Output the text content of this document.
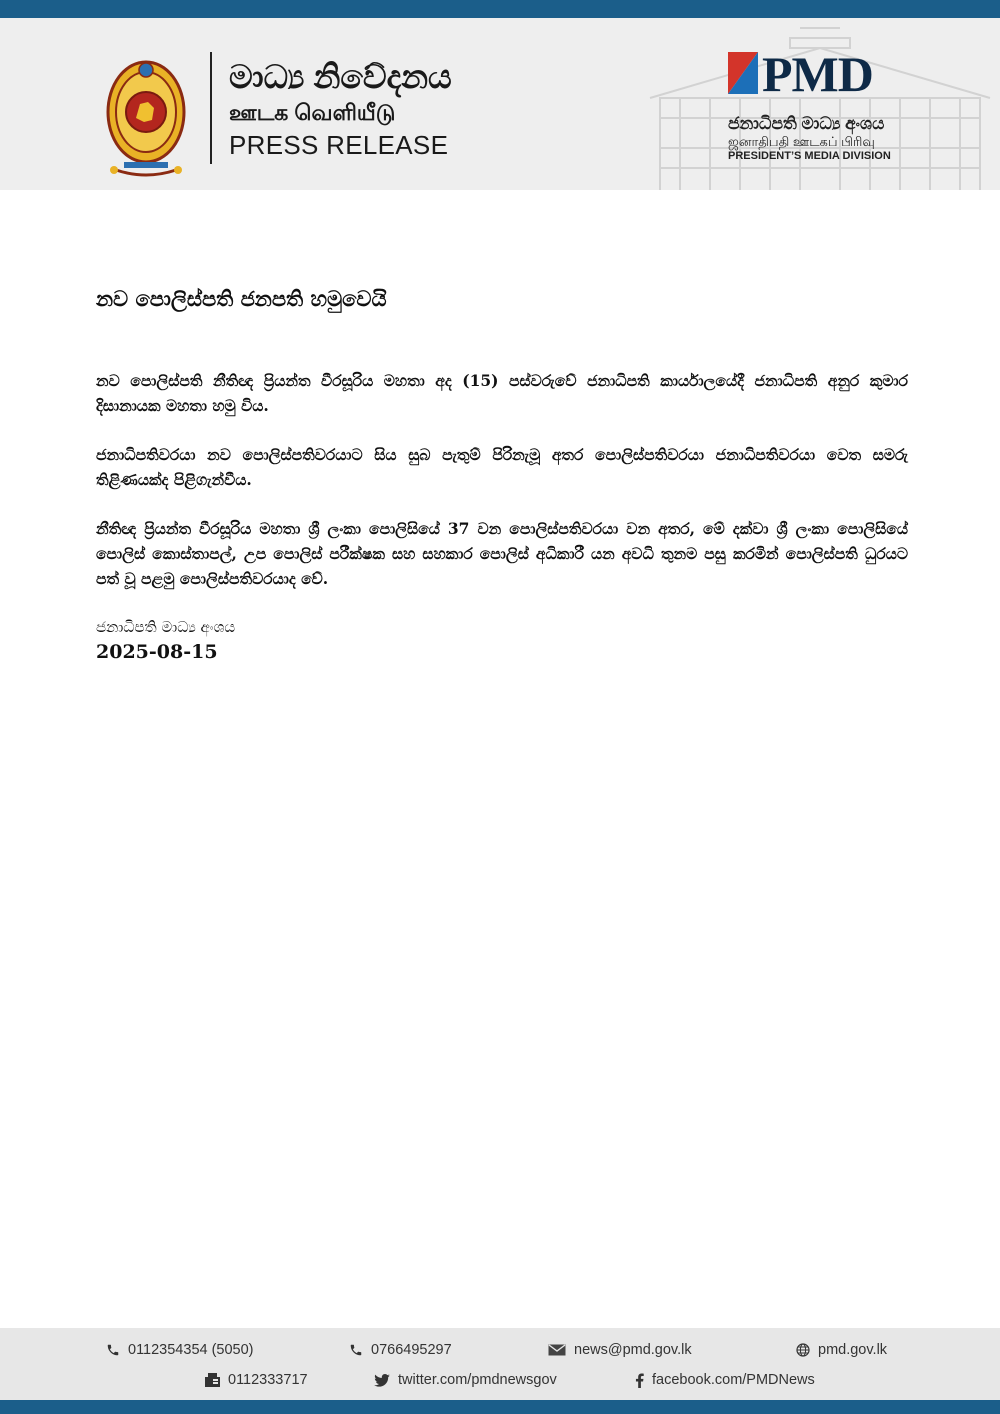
මාධ්‍ය නිවේදනය
ஊடக வெளியீடு
PRESS RELEASE
PMD
ජනාධිපති මාධ්‍ය අංශය
ஜனாதிபதி ஊடகப் பிரிவு
PRESIDENT’S MEDIA DIVISION
නව පොලිස්පති ජනපති හමුවෙයි

නව පොලිස්පති නීතිඥ ප්‍රියන්ත වීරසූරිය මහතා අද (15) පස්වරුවේ ජනාධිපති කාර්යාලයේදී ජනාධිපති අනුර කුමාර දිසානායක මහතා හමු විය.

ජනාධිපතිවරයා නව පොලිස්පතිවරයාට සිය සුබ පැතුම් පිරිනැමූ අතර පොලිස්පතිවරයා ජනාධිපතිවරයා වෙත සමරු තිළිණයක්ද පිළිගැන්වීය.

නීතිඥ ප්‍රියන්ත වීරසූරිය මහතා ශ්‍රී ලංකා පොලිසියේ 37 වන පොලිස්පතිවරයා වන අතර, මේ දක්වා ශ්‍රී ලංකා පොලිසියේ පොලිස් කොස්තාපල්, උප පොලිස් පරීක්ෂක සහ සහකාර පොලිස් අධිකාරී යන අවධි තුනම පසු කරමින් පොලිස්පති ධුරයට පත් වූ පළමු පොලිස්පතිවරයාද වේ.

ජනාධිපති මාධ්‍ය අංශය
2025-08-15
0112354354 (5050)	0766495297	news@pmd.gov.lk	pmd.gov.lk
0112333717	twitter.com/pmdnewsgov	facebook.com/PMDNews
